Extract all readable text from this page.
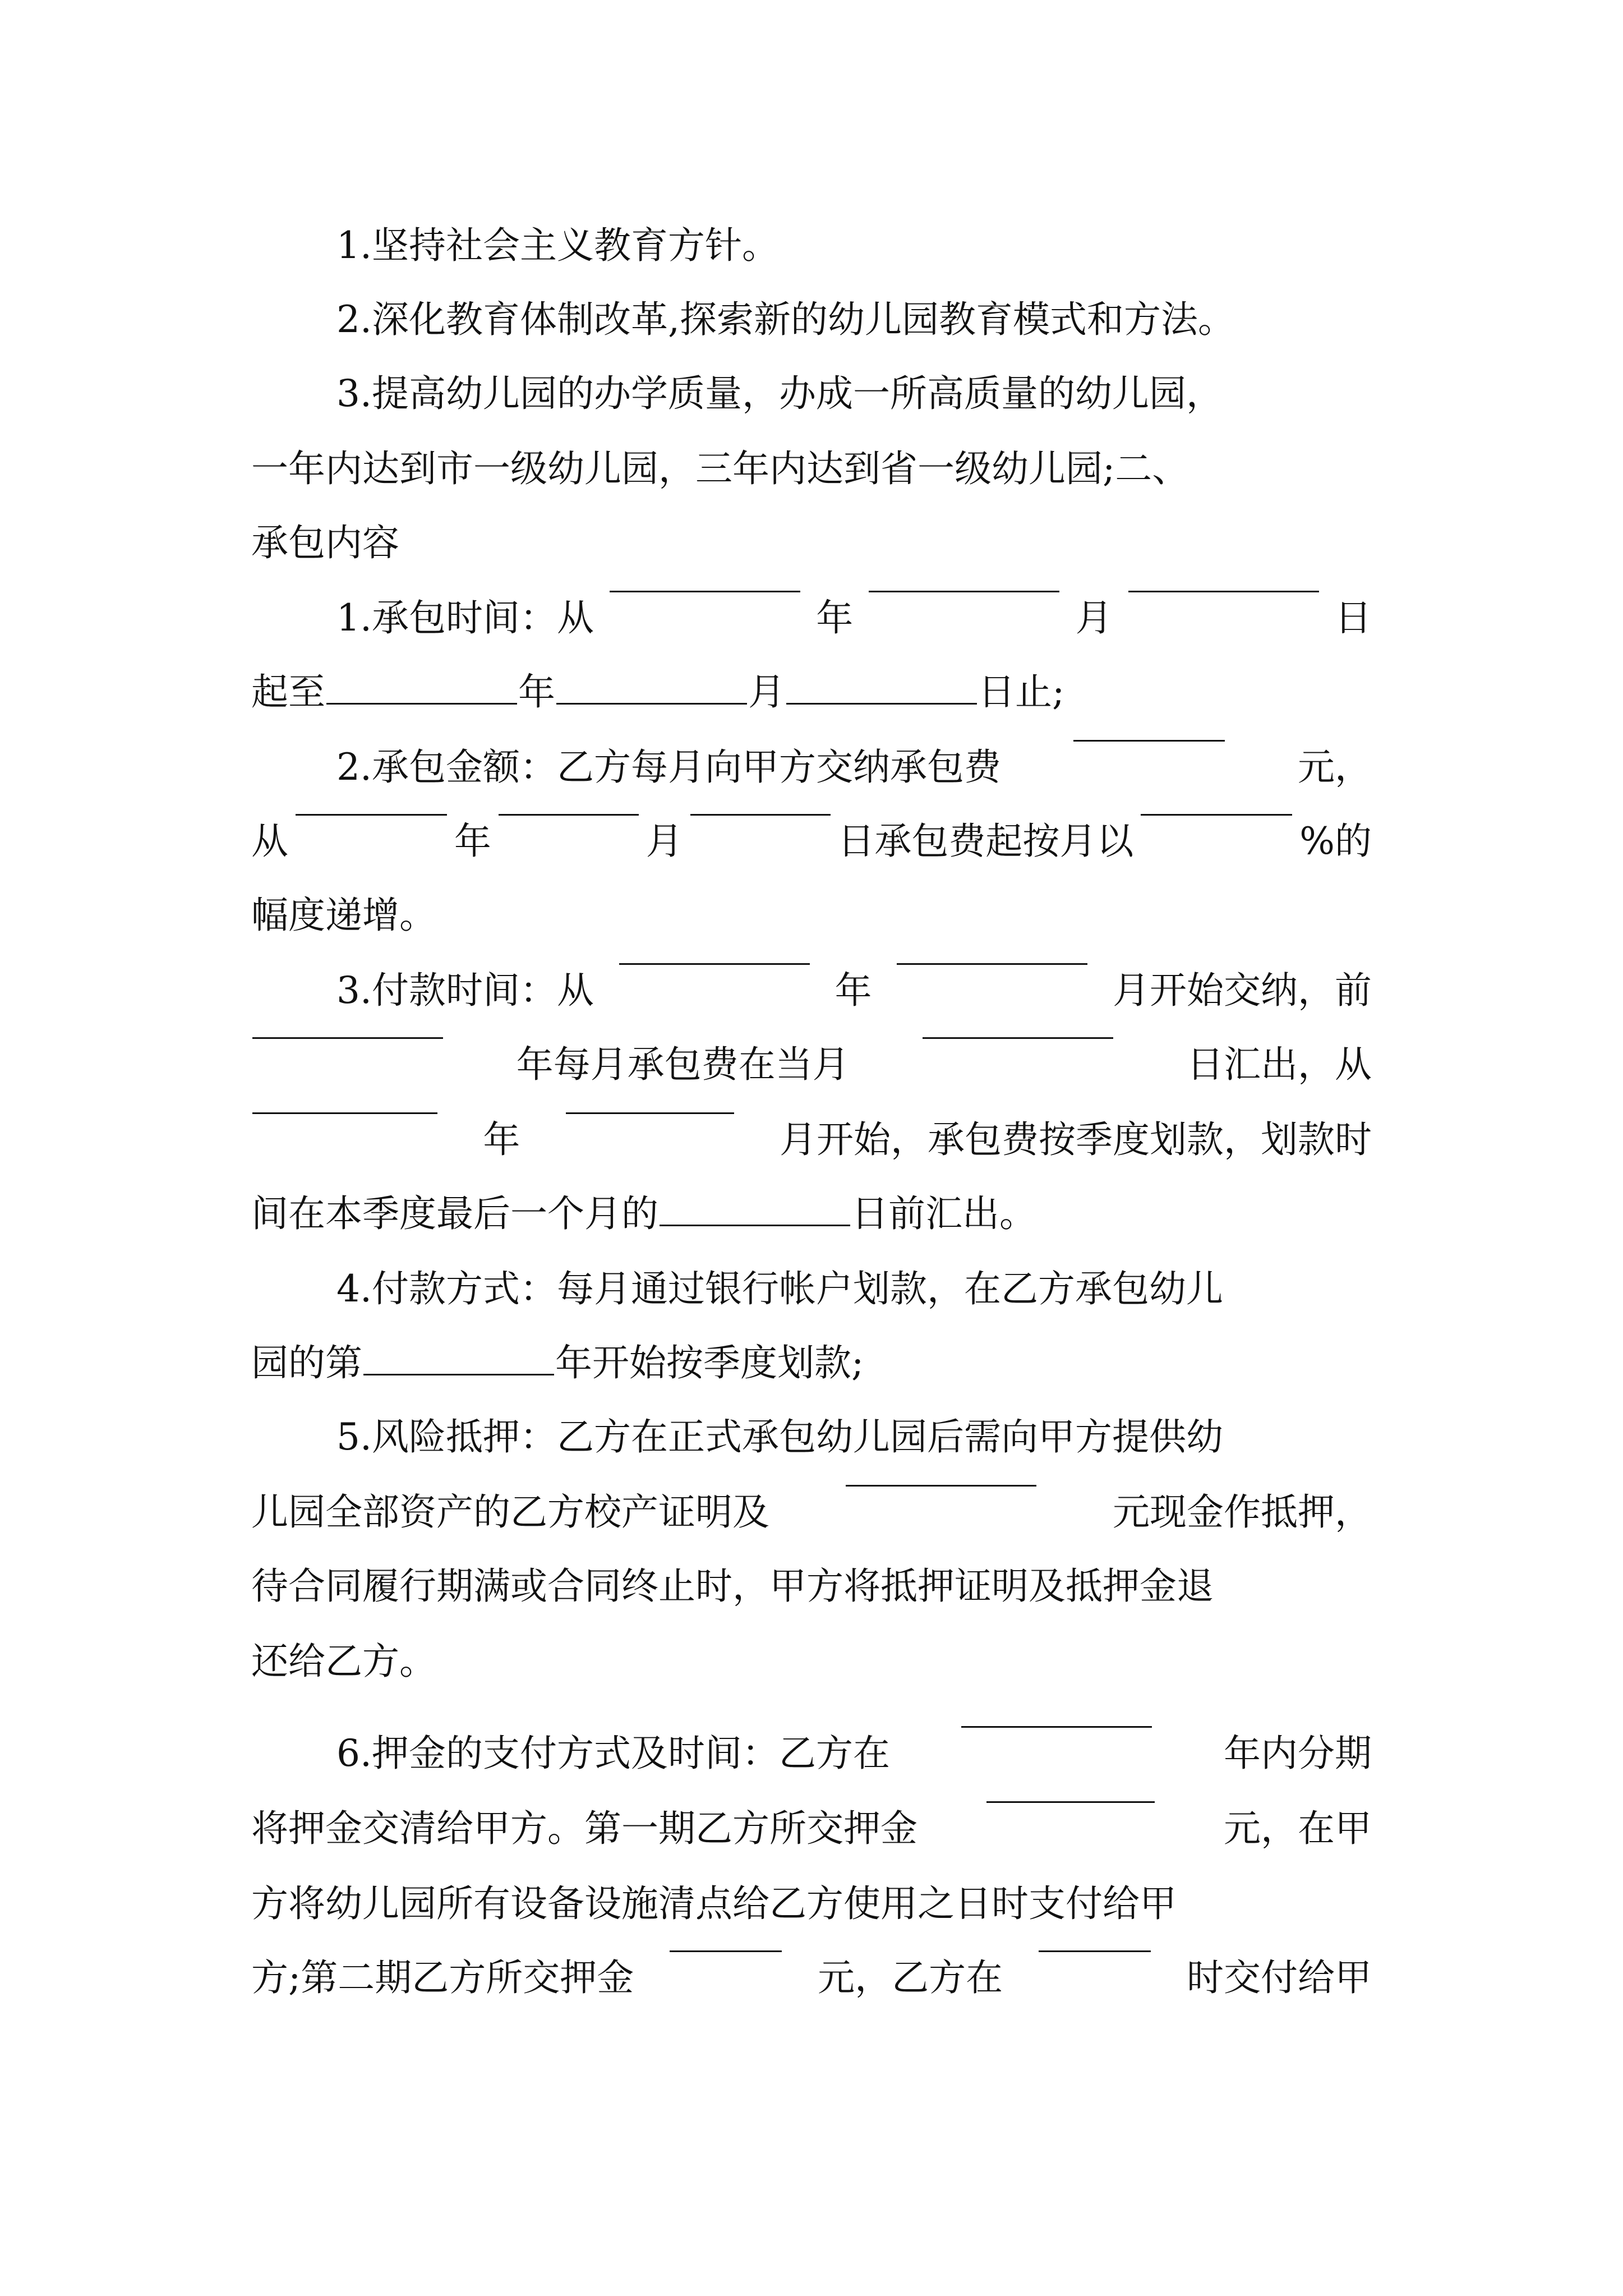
1.坚持社会主义教育方针。
2.深化教育体制改革,探索新的幼儿园教育模式和方法。
3.提高幼儿园的办学质量，办成一所高质量的幼儿园，
一年内达到市一级幼儿园，三年内达到省一级幼儿园;二、
承包内容
1.承包时间：从	年	月	日
起至	年	月	日止;
2.承包金额：乙方每月向甲方交纳承包费	元，
从	年	月	日承包费起按月以	%的
幅度递增。
3.付款时间：从	年	月开始交纳，前
年每月承包费在当月	日汇出，从
年	月开始，承包费按季度划款，划款时
间在本季度最后一个月的	日前汇出。
4.付款方式：每月通过银行帐户划款，在乙方承包幼儿
园的第	年开始按季度划款;
5.风险抵押：乙方在正式承包幼儿园后需向甲方提供幼
儿园全部资产的乙方校产证明及	元现金作抵押，
待合同履行期满或合同终止时，甲方将抵押证明及抵押金退
还给乙方。
6.押金的支付方式及时间：乙方在	年内分期
将押金交清给甲方。第一期乙方所交押金	元，在甲
方将幼儿园所有设备设施清点给乙方使用之日时支付给甲
方;第二期乙方所交押金	元，乙方在	时交付给甲
